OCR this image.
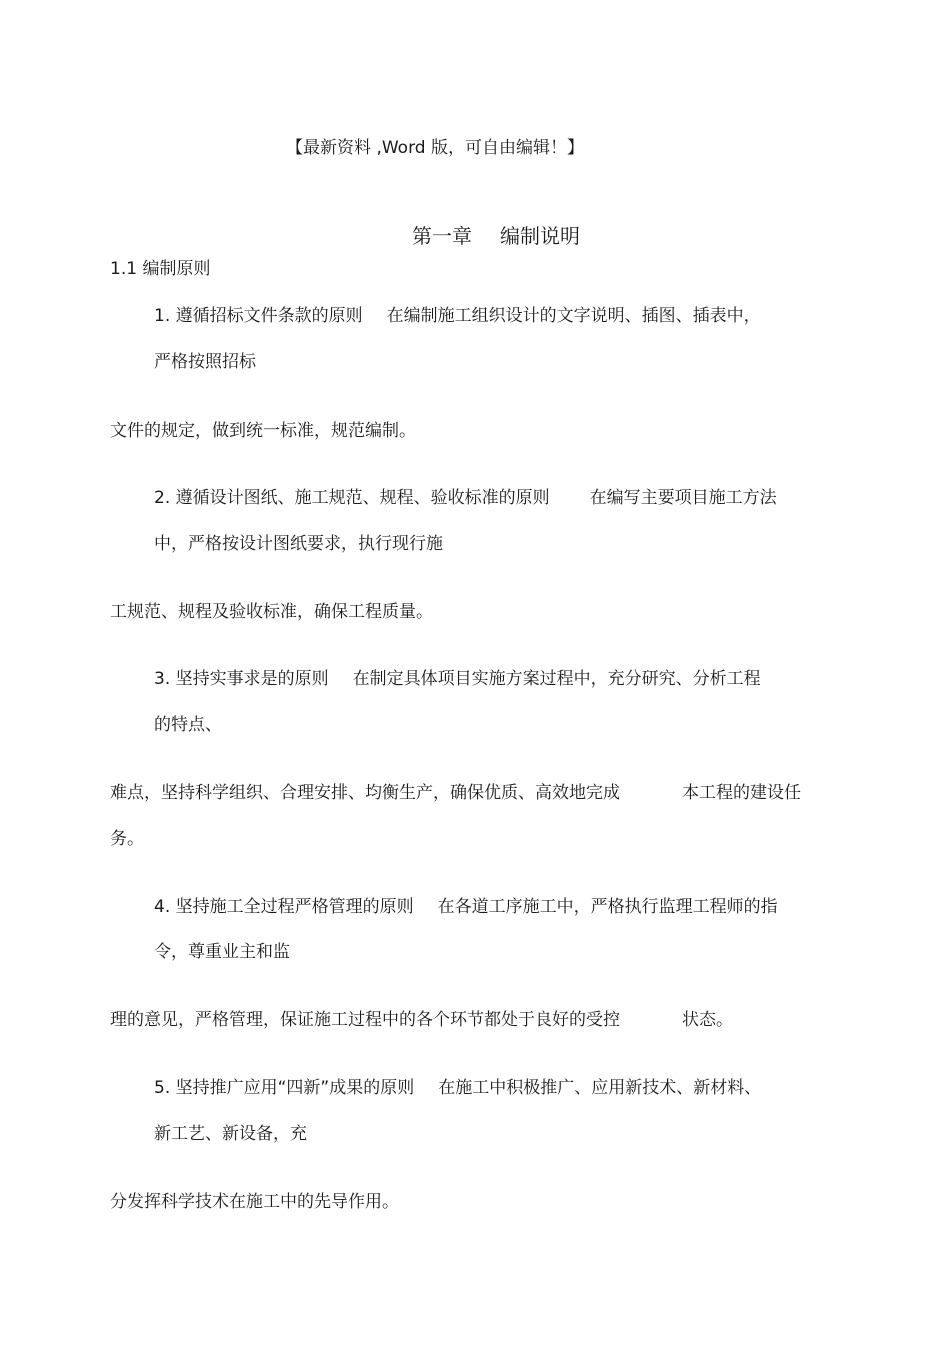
【最新资料 ,Word 版，可自由编辑！】
第一章 编制说明
1.1 编制原则
1. 遵循招标文件条款的原则 在编制施工组织设计的文字说明、插图、插表中，
严格按照招标
文件的规定，做到统一标准，规范编制。
2. 遵循设计图纸、施工规范、规程、验收标准的原则 在编写主要项目施工方法
中，严格按设计图纸要求，执行现行施
工规范、规程及验收标准，确保工程质量。
3. 坚持实事求是的原则 在制定具体项目实施方案过程中，充分研究、分析工程
的特点、
难点，坚持科学组织、合理安排、均衡生产，确保优质、高效地完成	本工程的建设任
务。
4. 坚持施工全过程严格管理的原则 在各道工序施工中，严格执行监理工程师的指
令，尊重业主和监
理的意见，严格管理，保证施工过程中的各个环节都处于良好的受控	状态。
5. 坚持推广应用“四新”成果的原则 在施工中积极推广、应用新技术、新材料、
新工艺、新设备，充
分发挥科学技术在施工中的先导作用。
